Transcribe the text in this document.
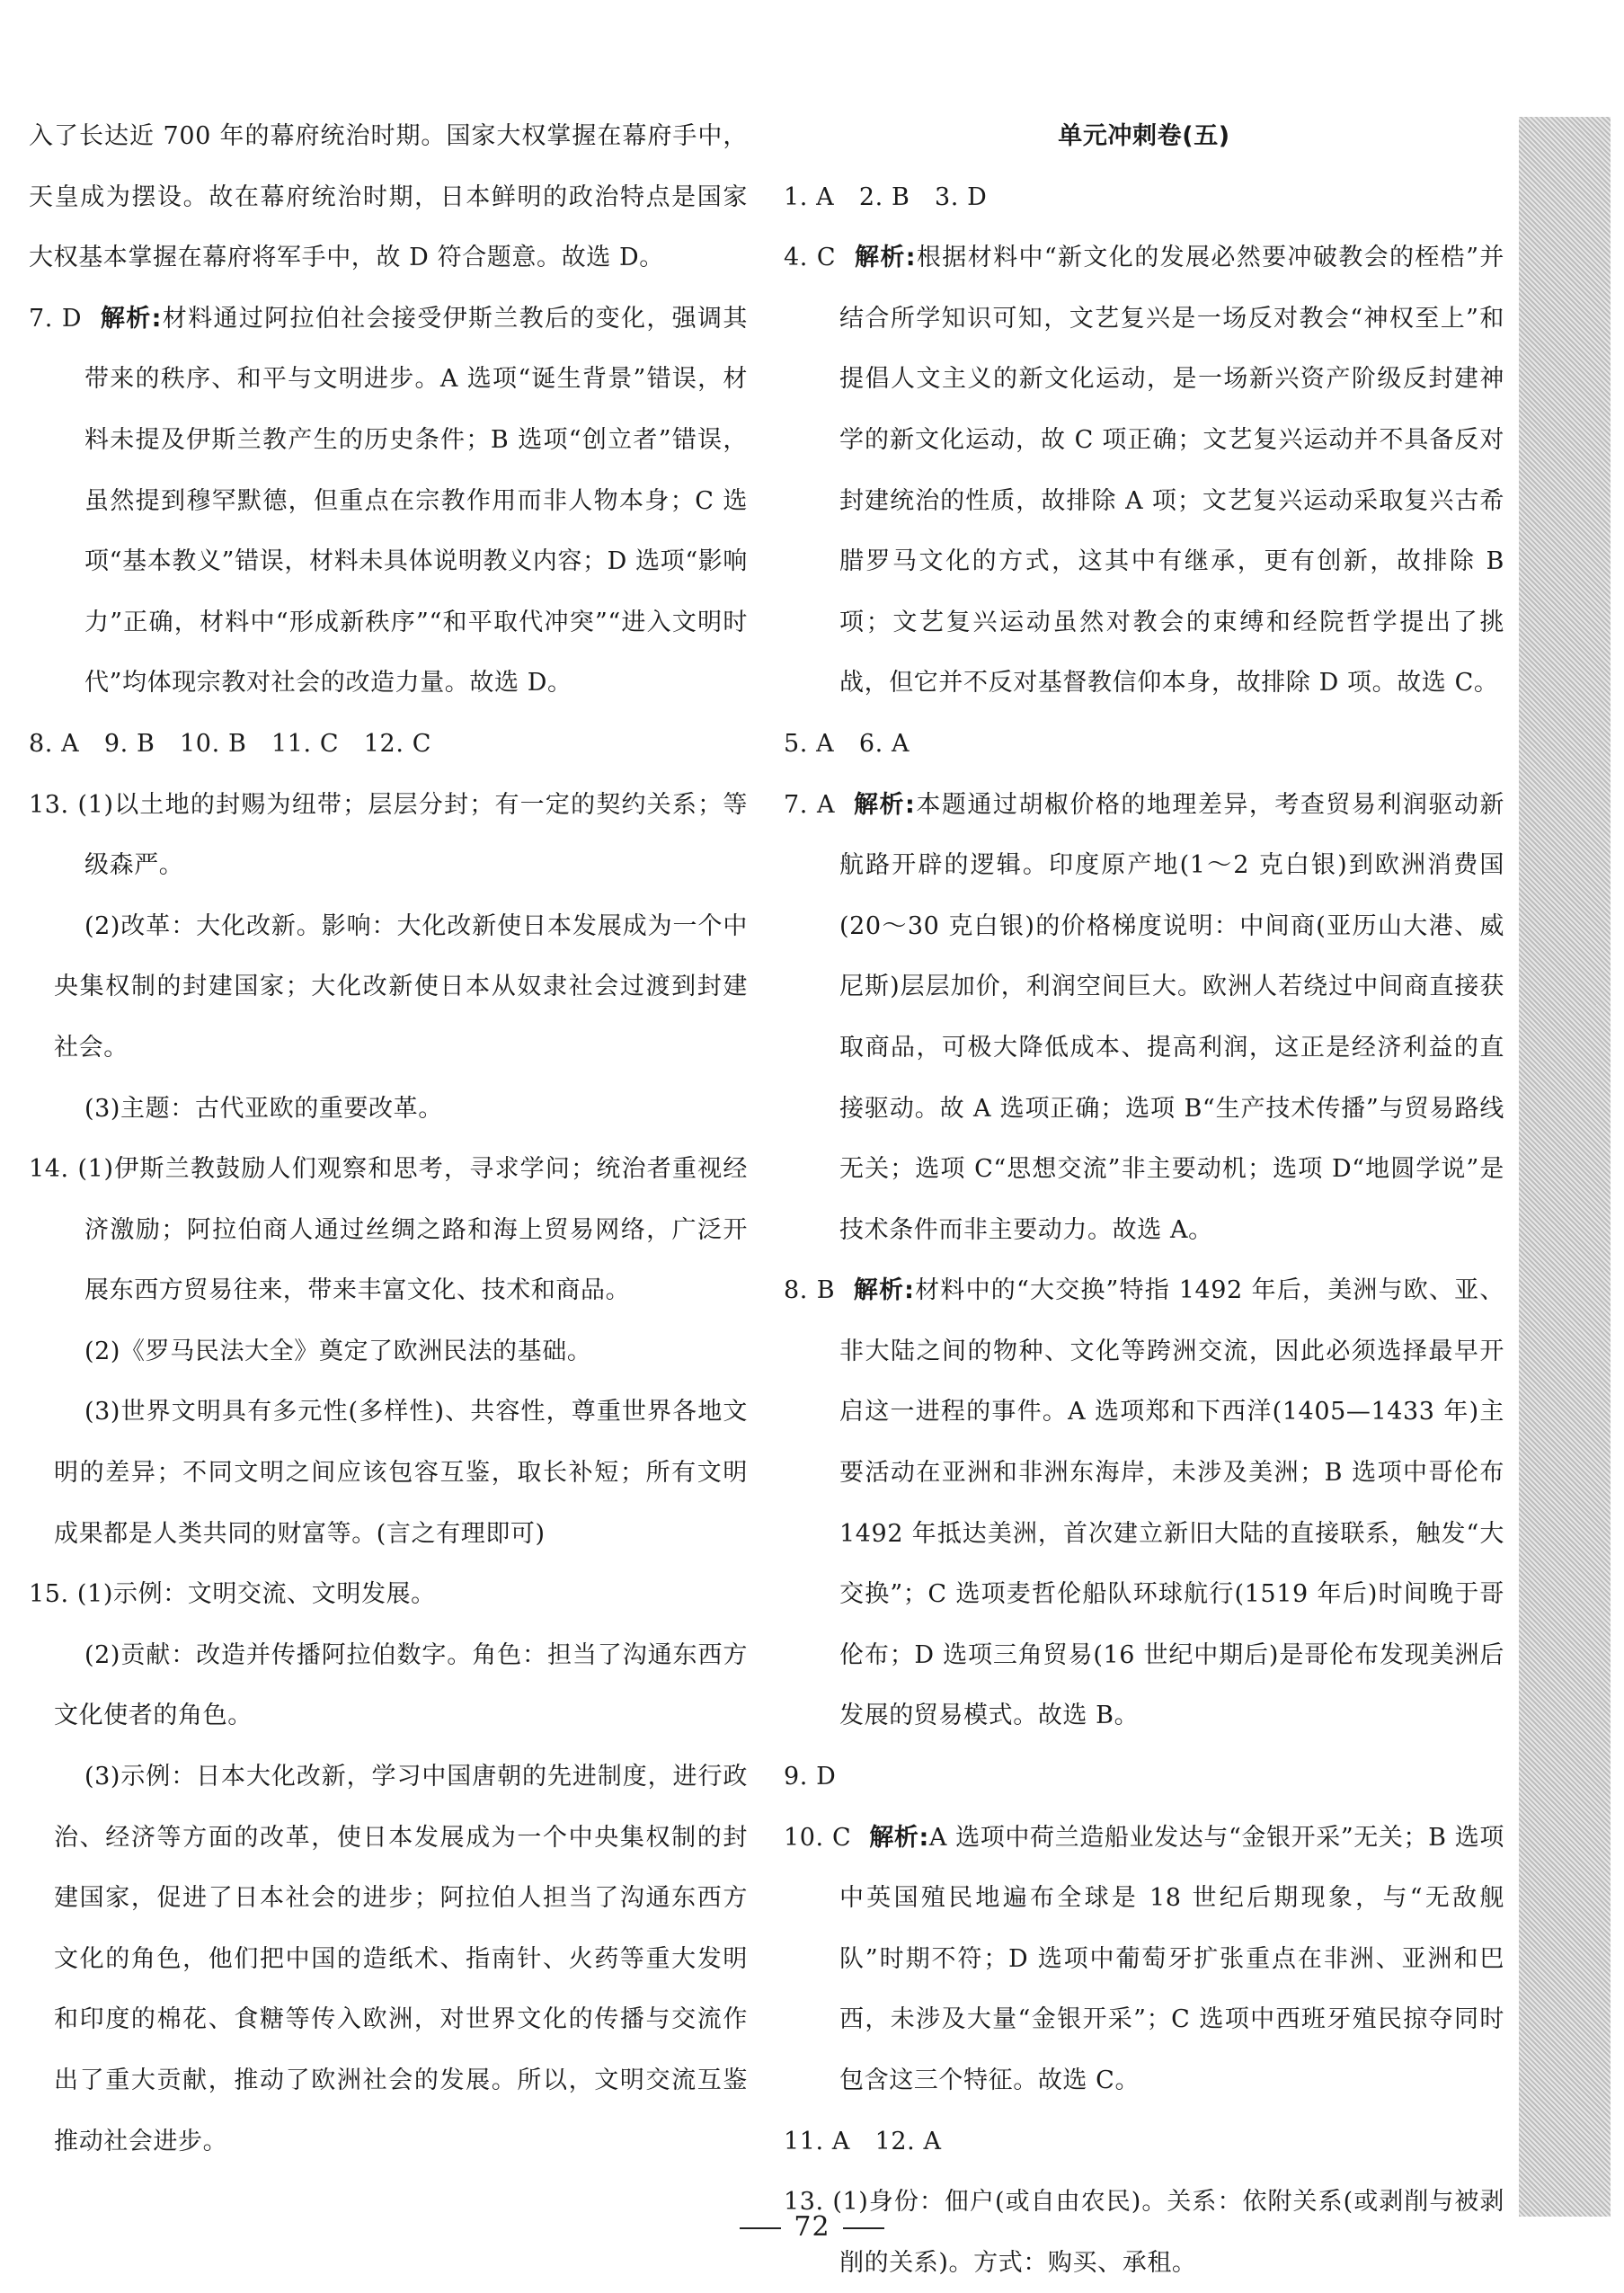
入了长达近 700 年的幕府统治时期。国家大权掌握在幕府手中，天皇成为摆设。故在幕府统治时期，日本鲜明的政治特点是国家大权基本掌握在幕府将军手中，故 D 符合题意。故选 D。

7. D 解析:材料通过阿拉伯社会接受伊斯兰教后的变化，强调其带来的秩序、和平与文明进步。A 选项“诞生背景”错误，材料未提及伊斯兰教产生的历史条件；B 选项“创立者”错误，虽然提到穆罕默德，但重点在宗教作用而非人物本身；C 选项“基本教义”错误，材料未具体说明教义内容；D 选项“影响力”正确，材料中“形成新秩序”“和平取代冲突”“进入文明时代”均体现宗教对社会的改造力量。故选 D。

8. A　9. B　10. B　11. C　12. C

13. (1)以土地的封赐为纽带；层层分封；有一定的契约关系；等级森严。

(2)改革：大化改新。影响：大化改新使日本发展成为一个中央集权制的封建国家；大化改新使日本从奴隶社会过渡到封建社会。

(3)主题：古代亚欧的重要改革。

14. (1)伊斯兰教鼓励人们观察和思考，寻求学问；统治者重视经济激励；阿拉伯商人通过丝绸之路和海上贸易网络，广泛开展东西方贸易往来，带来丰富文化、技术和商品。

(2)《罗马民法大全》奠定了欧洲民法的基础。

(3)世界文明具有多元性(多样性)、共容性，尊重世界各地文明的差异；不同文明之间应该包容互鉴，取长补短；所有文明成果都是人类共同的财富等。(言之有理即可)

15. (1)示例：文明交流、文明发展。

(2)贡献：改造并传播阿拉伯数字。角色：担当了沟通东西方文化使者的角色。

(3)示例：日本大化改新，学习中国唐朝的先进制度，进行政治、经济等方面的改革，使日本发展成为一个中央集权制的封建国家，促进了日本社会的进步；阿拉伯人担当了沟通东西方文化的角色，他们把中国的造纸术、指南针、火药等重大发明和印度的棉花、食糖等传入欧洲，对世界文化的传播与交流作出了重大贡献，推动了欧洲社会的发展。所以，文明交流互鉴推动社会进步。

单元冲刺卷(五)

1. A　2. B　3. D

4. C 解析:根据材料中“新文化的发展必然要冲破教会的桎梏”并结合所学知识可知，文艺复兴是一场反对教会“神权至上”和提倡人文主义的新文化运动，是一场新兴资产阶级反封建神学的新文化运动，故 C 项正确；文艺复兴运动并不具备反对封建统治的性质，故排除 A 项；文艺复兴运动采取复兴古希腊罗马文化的方式，这其中有继承，更有创新，故排除 B 项；文艺复兴运动虽然对教会的束缚和经院哲学提出了挑战，但它并不反对基督教信仰本身，故排除 D 项。故选 C。

5. A　6. A

7. A 解析:本题通过胡椒价格的地理差异，考查贸易利润驱动新航路开辟的逻辑。印度原产地(1～2 克白银)到欧洲消费国(20～30 克白银)的价格梯度说明：中间商(亚历山大港、威尼斯)层层加价，利润空间巨大。欧洲人若绕过中间商直接获取商品，可极大降低成本、提高利润，这正是经济利益的直接驱动。故 A 选项正确；选项 B“生产技术传播”与贸易路线无关；选项 C“思想交流”非主要动机；选项 D“地圆学说”是技术条件而非主要动力。故选 A。

8. B 解析:材料中的“大交换”特指 1492 年后，美洲与欧、亚、非大陆之间的物种、文化等跨洲交流，因此必须选择最早开启这一进程的事件。A 选项郑和下西洋(1405—1433 年)主要活动在亚洲和非洲东海岸，未涉及美洲；B 选项中哥伦布 1492 年抵达美洲，首次建立新旧大陆的直接联系，触发“大交换”；C 选项麦哲伦船队环球航行(1519 年后)时间晚于哥伦布；D 选项三角贸易(16 世纪中期后)是哥伦布发现美洲后发展的贸易模式。故选 B。

9. D

10. C 解析:A 选项中荷兰造船业发达与“金银开采”无关；B 选项中英国殖民地遍布全球是 18 世纪后期现象，与“无敌舰队”时期不符；D 选项中葡萄牙扩张重点在非洲、亚洲和巴西，未涉及大量“金银开采”；C 选项中西班牙殖民掠夺同时包含这三个特征。故选 C。

11. A　12. A

13. (1)身份：佃户(或自由农民)。关系：依附关系(或剥削与被剥削的关系)。方式：购买、承租。

72
